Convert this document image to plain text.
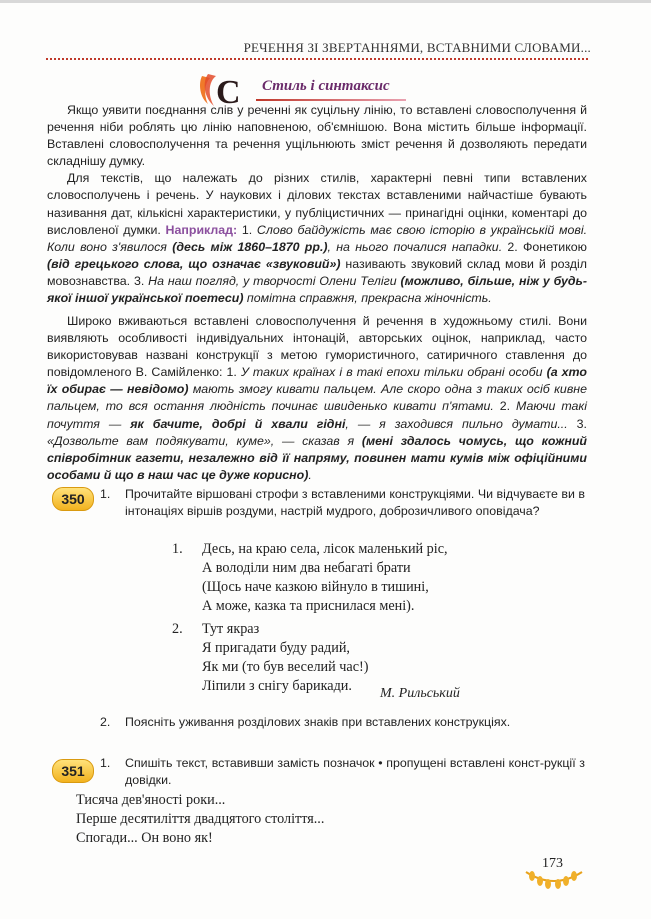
РЕЧЕННЯ ЗІ ЗВЕРТАННЯМИ, ВСТАВНИМИ СЛОВАМИ...
С Стиль і синтаксис

Якщо уявити поєднання слів у реченні як суцільну лінію, то вставлені словосполучення й речення ніби роблять цю лінію наповненою, об'ємнішою. Вона містить більше інформації. Вставлені словосполучення та речення ущільнюють зміст речення й дозволяють передати складнішу думку.

Для текстів, що належать до різних стилів, характерні певні типи вставлених словосполучень і речень. У наукових і ділових текстах вставленими найчастіше бувають називання дат, кількісні характеристики, у публіцистичних — принагідні оцінки, коментарі до висловленої думки. Наприклад: 1. Слово байдужість має свою історію в українській мові. Коли воно з'явилося (десь між 1860–1870 рр.), на нього почалися нападки. 2. Фонетикою (від грецького слова, що означає «звуковий») називають звуковий склад мови й розділ мовознавства. 3. На наш погляд, у творчості Олени Теліги (можливо, більше, ніж у будь-якої іншої української поетеси) помітна справжня, прекрасна жіночність.

Широко вживаються вставлені словосполучення й речення в художньому стилі. Вони виявляють особливості індивідуальних інтонацій, авторських оцінок, наприклад, часто використовував названі конструкції з метою гумористичного, сатиричного ставлення до повідомленого В. Самійленко: 1. У таких країнах і в такі епохи тільки обрані особи (а хто їх обирає — невідомо) мають змогу кивати пальцем. Але скоро одна з таких осіб кивне пальцем, то вся остання людність починає швиденько кивати п'ятами. 2. Маючи такі почуття — як бачите, добрі й хвали гідні, — я заходився пильно думати... 3. «Дозвольте вам подякувати, куме», — сказав я (мені здалось чомусь, що кожний співробітник газети, незалежно від її напряму, повинен мати кумів між офіційними особами й що в наш час це дуже корисно).

350	1. Прочитайте віршовані строфи з вставленими конструкціями. Чи відчуваєте ви в інтонаціях віршів роздуми, настрій мудрого, доброзичливого оповідача?
1. Десь, на краю села, лісок маленький ріс,
А володіли ним два небагаті брати
(Щось наче казкою війнуло в тишині,
А може, казка та приснилася мені).
2. Тут якраз
Я пригадати буду радий,
Як ми (то був веселий час!)
Ліпили з снігу барикади.	М. Рильський
2. Поясніть уживання розділових знаків при вставлених конструкціях.
351	1. Спишіть текст, вставивши замість позначок • пропущені вставлені конст-рукції з довідки.
Тисяча дев'яності роки...
Перше десятиліття двадцятого століття...
Спогади... Он воно як!
173
